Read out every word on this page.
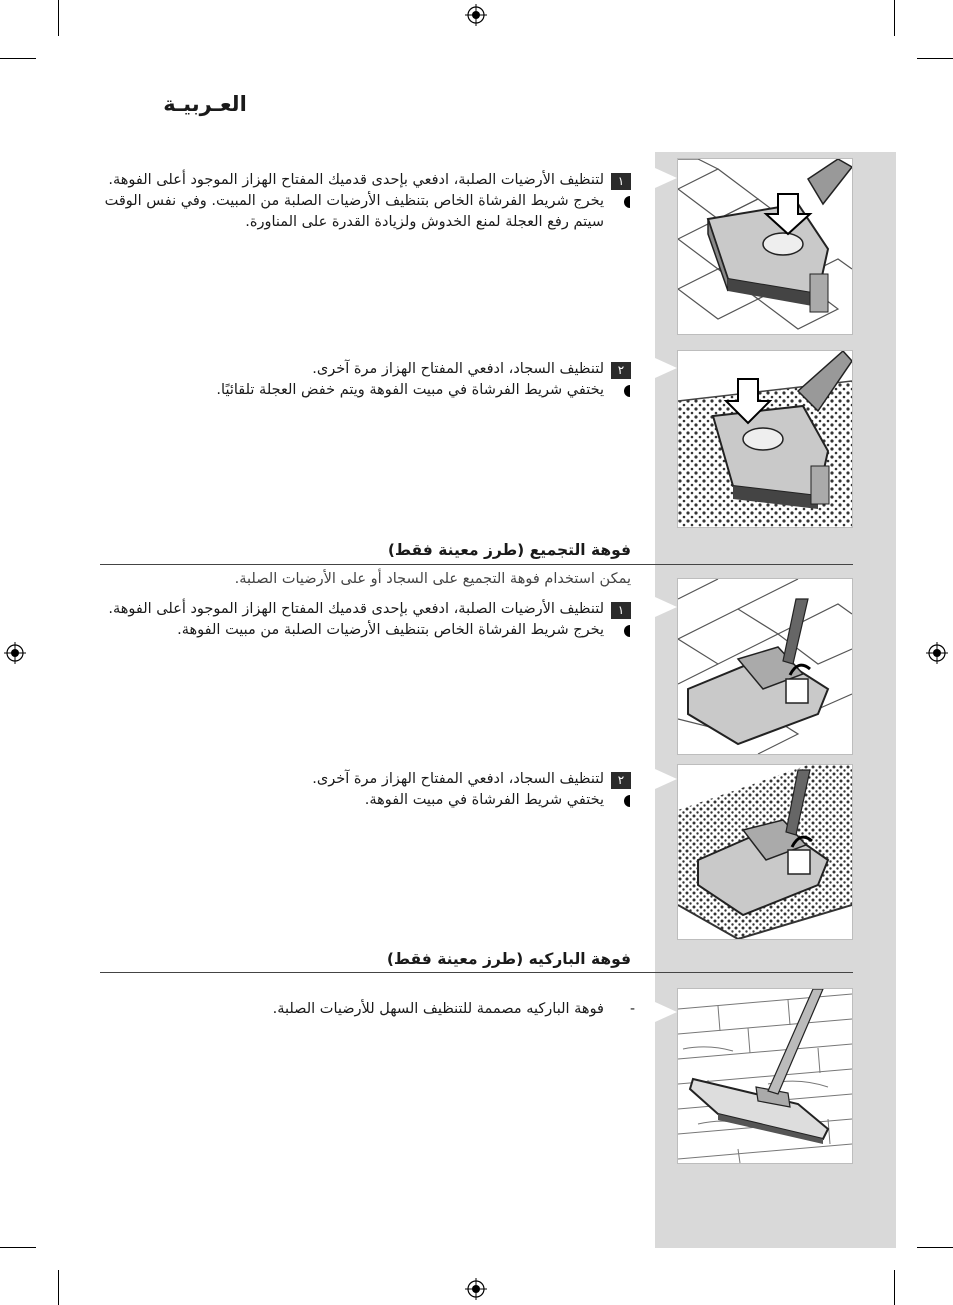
العـربيـة
١
لتنظيف الأرضيات الصلبة، ادفعي بإحدى قدميك المفتاح الهزاز الموجود أعلى الفوهة.
يخرج شريط الفرشاة الخاص بتنظيف الأرضيات الصلبة من المبيت. وفي نفس الوقت
سيتم رفع العجلة لمنع الخدوش ولزيادة القدرة على المناورة.
٢
لتنظيف السجاد، ادفعي المفتاح الهزاز مرة آخرى.
يختفي شريط الفرشاة في مبيت الفوهة ويتم خفض العجلة تلقائيًا.
فوهة التجميع (طرز معينة فقط)
يمكن استخدام فوهة التجميع على السجاد أو على الأرضيات الصلبة.
١
لتنظيف الأرضيات الصلبة، ادفعي بإحدى قدميك المفتاح الهزاز الموجود أعلى الفوهة.
يخرج شريط الفرشاة الخاص بتنظيف الأرضيات الصلبة من مبيت الفوهة.
٢
لتنظيف السجاد، ادفعي المفتاح الهزاز مرة آخرى.
يختفي شريط الفرشاة في مبيت الفوهة.
فوهة الباركيه (طرز معينة فقط)
-
فوهة الباركيه مصممة للتنظيف السهل للأرضيات الصلبة.
